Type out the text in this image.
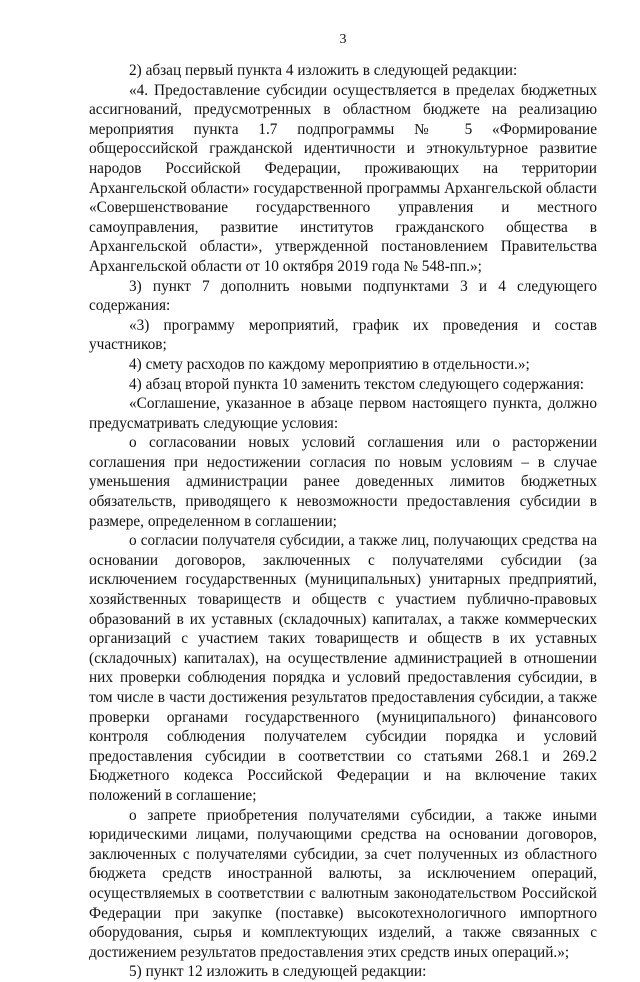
3

2) абзац первый пункта 4 изложить в следующей редакции:

«4. Предоставление субсидии осуществляется в пределах бюджетных ассигнований, предусмотренных в областном бюджете на реализацию мероприятия пункта 1.7 подпрограммы № 5 «Формирование общероссийской гражданской идентичности и этнокультурное развитие народов Российской Федерации, проживающих на территории Архангельской области» государственной программы Архангельской области «Совершенствование государственного управления и местного самоуправления, развитие институтов гражданского общества в Архангельской области», утвержденной постановлением Правительства Архангельской области от 10 октября 2019 года № 548-пп.»;

3) пункт 7 дополнить новыми подпунктами 3 и 4 следующего содержания:

«3) программу мероприятий, график их проведения и состав участников;

4) смету расходов по каждому мероприятию в отдельности.»;

4) абзац второй пункта 10 заменить текстом следующего содержания:

«Соглашение, указанное в абзаце первом настоящего пункта, должно предусматривать следующие условия:

о согласовании новых условий соглашения или о расторжении соглашения при недостижении согласия по новым условиям – в случае уменьшения администрации ранее доведенных лимитов бюджетных обязательств, приводящего к невозможности предоставления субсидии в размере, определенном в соглашении;

о согласии получателя субсидии, а также лиц, получающих средства на основании договоров, заключенных с получателями субсидии (за исключением государственных (муниципальных) унитарных предприятий, хозяйственных товариществ и обществ с участием публично-правовых образований в их уставных (складочных) капиталах, а также коммерческих организаций с участием таких товариществ и обществ в их уставных (складочных) капиталах), на осуществление администрацией в отношении них проверки соблюдения порядка и условий предоставления субсидии, в том числе в части достижения результатов предоставления субсидии, а также проверки органами государственного (муниципального) финансового контроля соблюдения получателем субсидии порядка и условий предоставления субсидии в соответствии со статьями 268.1 и 269.2 Бюджетного кодекса Российской Федерации и на включение таких положений в соглашение;

о запрете приобретения получателями субсидии, а также иными юридическими лицами, получающими средства на основании договоров, заключенных с получателями субсидии, за счет полученных из областного бюджета средств иностранной валюты, за исключением операций, осуществляемых в соответствии с валютным законодательством Российской Федерации при закупке (поставке) высокотехнологичного импортного оборудования, сырья и комплектующих изделий, а также связанных с достижением результатов предоставления этих средств иных операций.»;

5) пункт 12 изложить в следующей редакции:
